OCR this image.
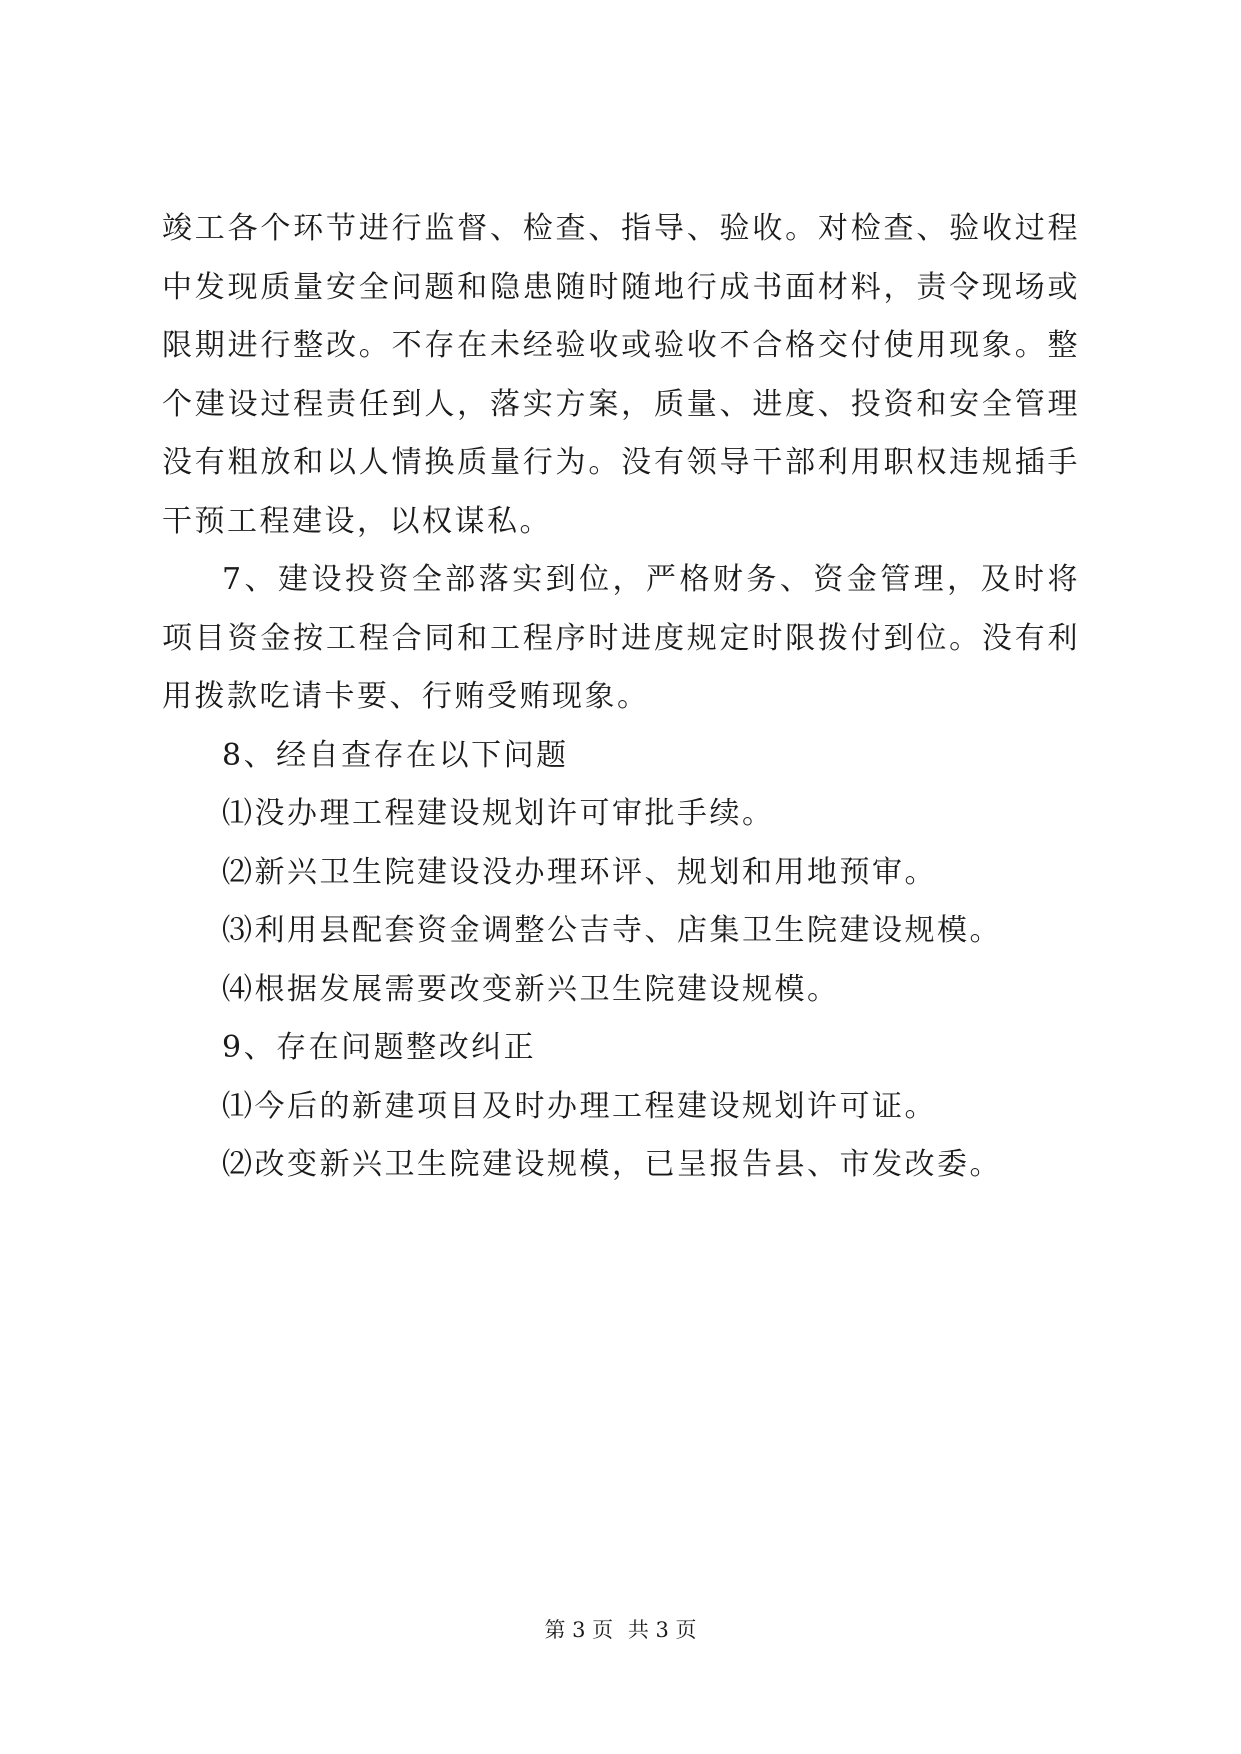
竣工各个环节进行监督、检查、指导、验收。对检查、验收过程中发现质量安全问题和隐患随时随地行成书面材料，责令现场或限期进行整改。不存在未经验收或验收不合格交付使用现象。整个建设过程责任到人，落实方案，质量、进度、投资和安全管理没有粗放和以人情换质量行为。没有领导干部利用职权违规插手干预工程建设，以权谋私。

7、建设投资全部落实到位，严格财务、资金管理，及时将项目资金按工程合同和工程序时进度规定时限拨付到位。没有利用拨款吃请卡要、行贿受贿现象。

8、经自查存在以下问题

⑴没办理工程建设规划许可审批手续。

⑵新兴卫生院建设没办理环评、规划和用地预审。

⑶利用县配套资金调整公吉寺、店集卫生院建设规模。

⑷根据发展需要改变新兴卫生院建设规模。

9、存在问题整改纠正

⑴今后的新建项目及时办理工程建设规划许可证。

⑵改变新兴卫生院建设规模，已呈报告县、市发改委。

第 3 页 共 3 页
